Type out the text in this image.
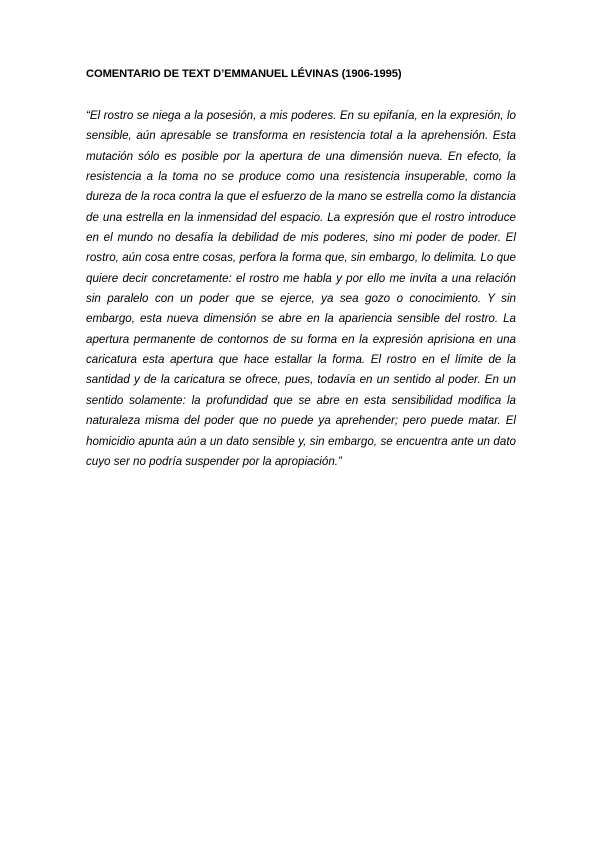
COMENTARIO DE TEXT D’EMMANUEL LÉVINAS (1906-1995)

“El rostro se niega a la posesión, a mis poderes. En su epifanía, en la expresión, lo sensible, aún apresable se transforma en resistencia total a la aprehensión. Esta mutación sólo es posible por la apertura de una dimensión nueva. En efecto, la resistencia a la toma no se produce como una resistencia insuperable, como la dureza de la roca contra la que el esfuerzo de la mano se estrella como la distancia de una estrella en la inmensidad del espacio. La expresión que el rostro introduce en el mundo no desafía la debilidad de mis poderes, sino mi poder de poder. El rostro, aún cosa entre cosas, perfora la forma que, sin embargo, lo delimita. Lo que quiere decir concretamente: el rostro me habla y por ello me invita a una relación sin paralelo con un poder que se ejerce, ya sea gozo o conocimiento. Y sin embargo, esta nueva dimensión se abre en la apariencia sensible del rostro. La apertura permanente de contornos de su forma en la expresión aprisiona en una caricatura esta apertura que hace estallar la forma. El rostro en el límite de la santidad y de la caricatura se ofrece, pues, todavía en un sentido al poder. En un sentido solamente: la profundidad que se abre en esta sensibilidad modifica la naturaleza misma del poder que no puede ya aprehender; pero puede matar. El homicidio apunta aún a un dato sensible y, sin embargo, se encuentra ante un dato cuyo ser no podría suspender por la apropiación.”
